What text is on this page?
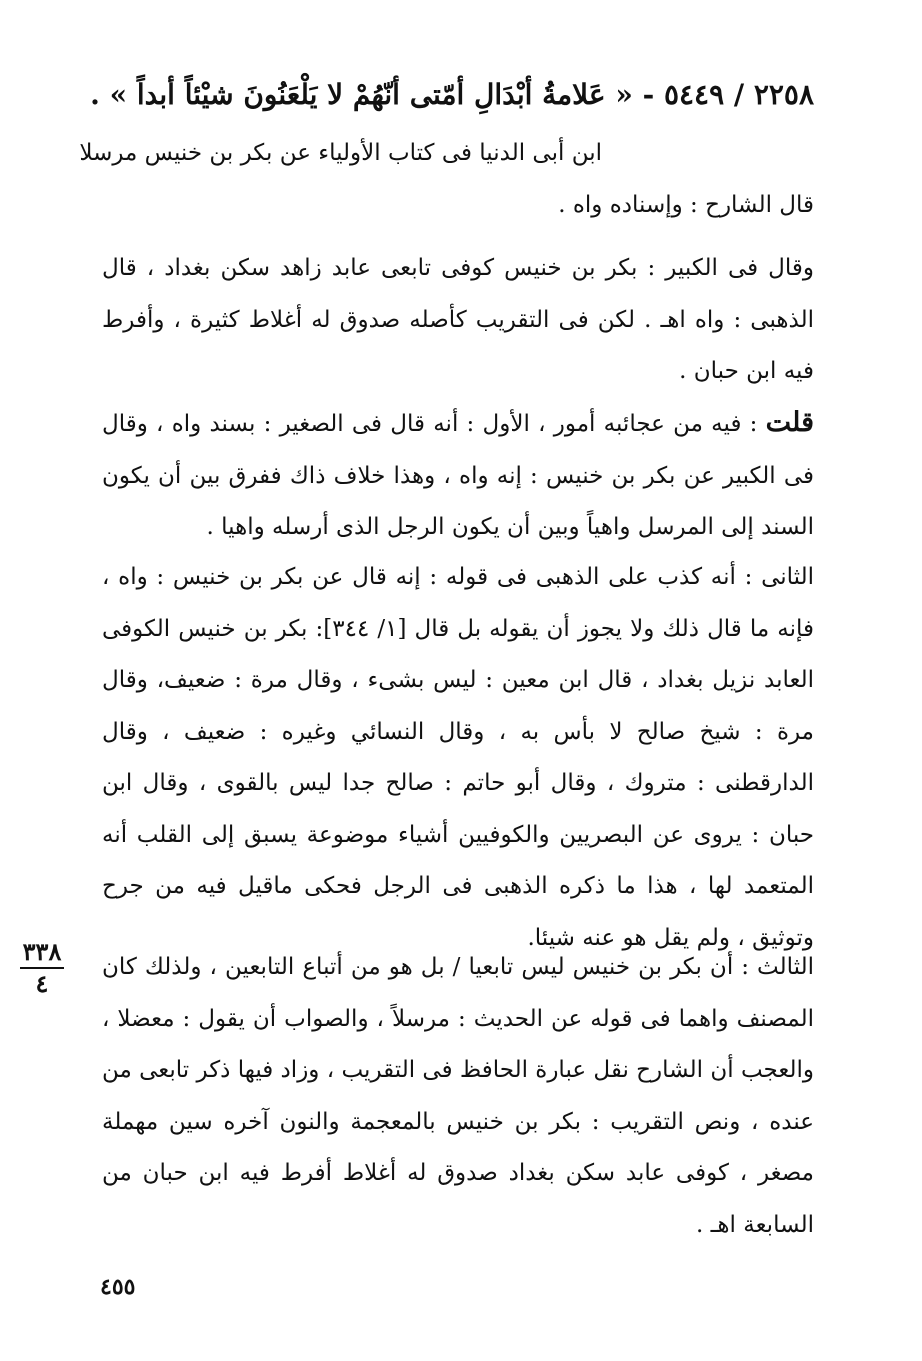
٢٢٥٨ / ٥٤٤٩ - « عَلامةُ أبْدَالِ أمّتى أنّهُمْ لا يَلْعَنُونَ شيْئاً أبداً » .
ابن أبى الدنيا فى كتاب الأولياء عن بكر بن خنيس مرسلا

قال الشارح : وإسناده واه .

وقال فى الكبير : بكر بن خنيس كوفى تابعى عابد زاهد سكن بغداد ، قال الذهبى : واه اهـ . لكن فى التقريب كأصله صدوق له أغلاط كثيرة ، وأفرط فيه ابن حبان .

قلت : فيه من عجائبه أمور ، الأول : أنه قال فى الصغير : بسند واه ، وقال فى الكبير عن بكر بن خنيس : إنه واه ، وهذا خلاف ذاك ففرق بين أن يكون السند إلى المرسل واهياً وبين أن يكون الرجل الذى أرسله واهيا .

الثانى : أنه كذب على الذهبى فى قوله : إنه قال عن بكر بن خنيس : واه ، فإنه ما قال ذلك ولا يجوز أن يقوله بل قال [١/ ٣٤٤]: بكر بن خنيس الكوفى العابد نزيل بغداد ، قال ابن معين : ليس بشىء ، وقال مرة : ضعيف، وقال مرة : شيخ صالح لا بأس به ، وقال النسائي وغيره : ضعيف ، وقال الدارقطنى : متروك ، وقال أبو حاتم : صالح جدا ليس بالقوى ، وقال ابن حبان : يروى عن البصريين والكوفيين أشياء موضوعة يسبق إلى القلب أنه المتعمد لها ، هذا ما ذكره الذهبى فى الرجل فحكى ماقيل فيه من جرح وتوثيق ، ولم يقل هو عنه شيئا.

الثالث : أن بكر بن خنيس ليس تابعيا / بل هو من أتباع التابعين ، ولذلك كان المصنف واهما فى قوله عن الحديث : مرسلاً ، والصواب أن يقول : معضلا ، والعجب أن الشارح نقل عبارة الحافظ فى التقريب ، وزاد فيها ذكر تابعى من عنده ، ونص التقريب : بكر بن خنيس بالمعجمة والنون آخره سين مهملة مصغر ، كوفى عابد سكن بغداد صدوق له أغلاط أفرط فيه ابن حبان من السابعة اهـ .

٣٣٨
٤
٤٥٥
